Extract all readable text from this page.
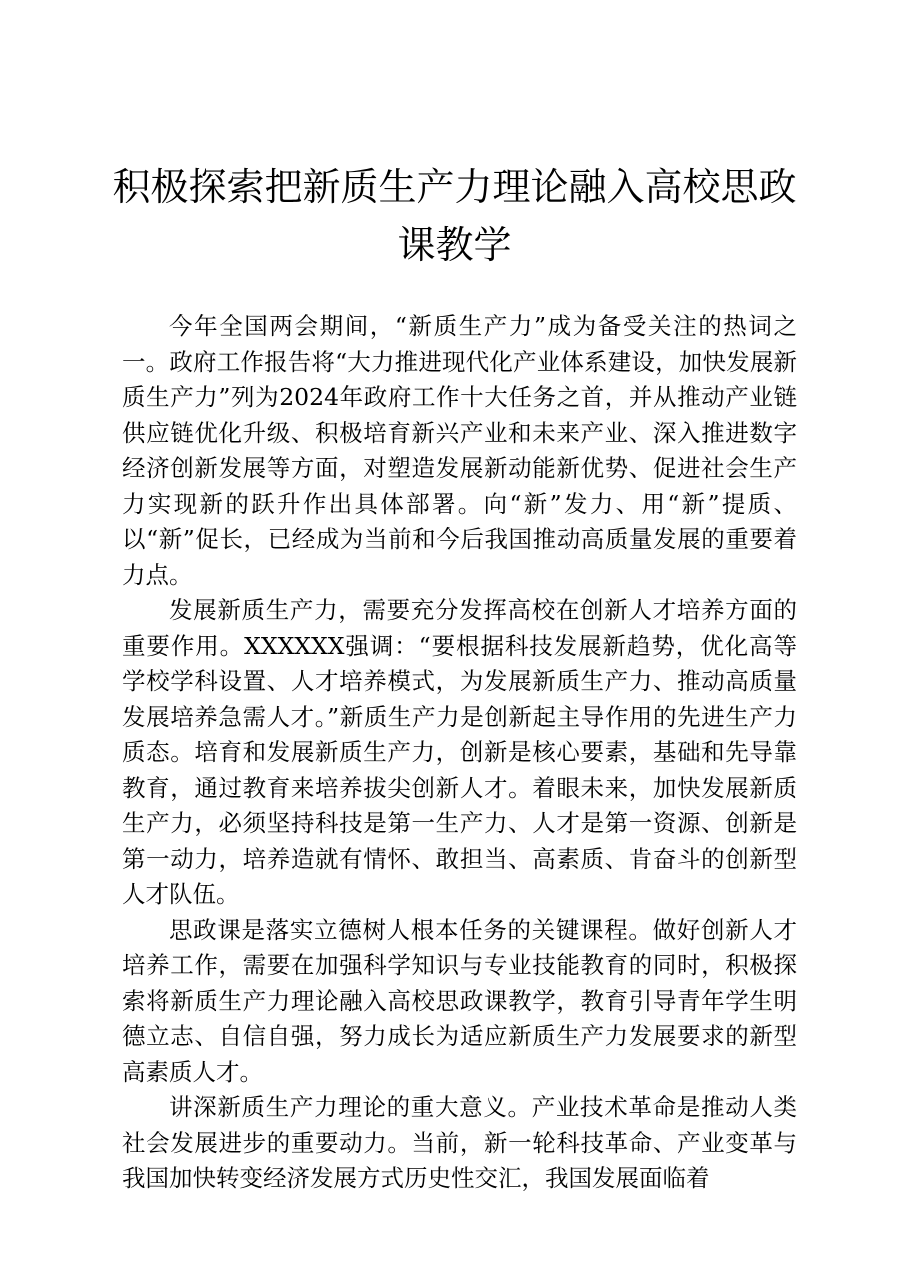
积极探索把新质生产力理论融入高校思政课教学

今年全国两会期间，“新质生产力”成为备受关注的热词之一。政府工作报告将“大力推进现代化产业体系建设，加快发展新质生产力”列为2024年政府工作十大任务之首，并从推动产业链供应链优化升级、积极培育新兴产业和未来产业、深入推进数字经济创新发展等方面，对塑造发展新动能新优势、促进社会生产力实现新的跃升作出具体部署。向“新”发力、用“新”提质、以“新”促长，已经成为当前和今后我国推动高质量发展的重要着力点。

发展新质生产力，需要充分发挥高校在创新人才培养方面的重要作用。XXXXXX强调：“要根据科技发展新趋势，优化高等学校学科设置、人才培养模式，为发展新质生产力、推动高质量发展培养急需人才。”新质生产力是创新起主导作用的先进生产力质态。培育和发展新质生产力，创新是核心要素，基础和先导靠教育，通过教育来培养拔尖创新人才。着眼未来，加快发展新质生产力，必须坚持科技是第一生产力、人才是第一资源、创新是第一动力，培养造就有情怀、敢担当、高素质、肯奋斗的创新型人才队伍。

思政课是落实立德树人根本任务的关键课程。做好创新人才培养工作，需要在加强科学知识与专业技能教育的同时，积极探索将新质生产力理论融入高校思政课教学，教育引导青年学生明德立志、自信自强，努力成长为适应新质生产力发展要求的新型高素质人才。

讲深新质生产力理论的重大意义。产业技术革命是推动人类社会发展进步的重要动力。当前，新一轮科技革命、产业变革与我国加快转变经济发展方式历史性交汇，我国发展面临着
